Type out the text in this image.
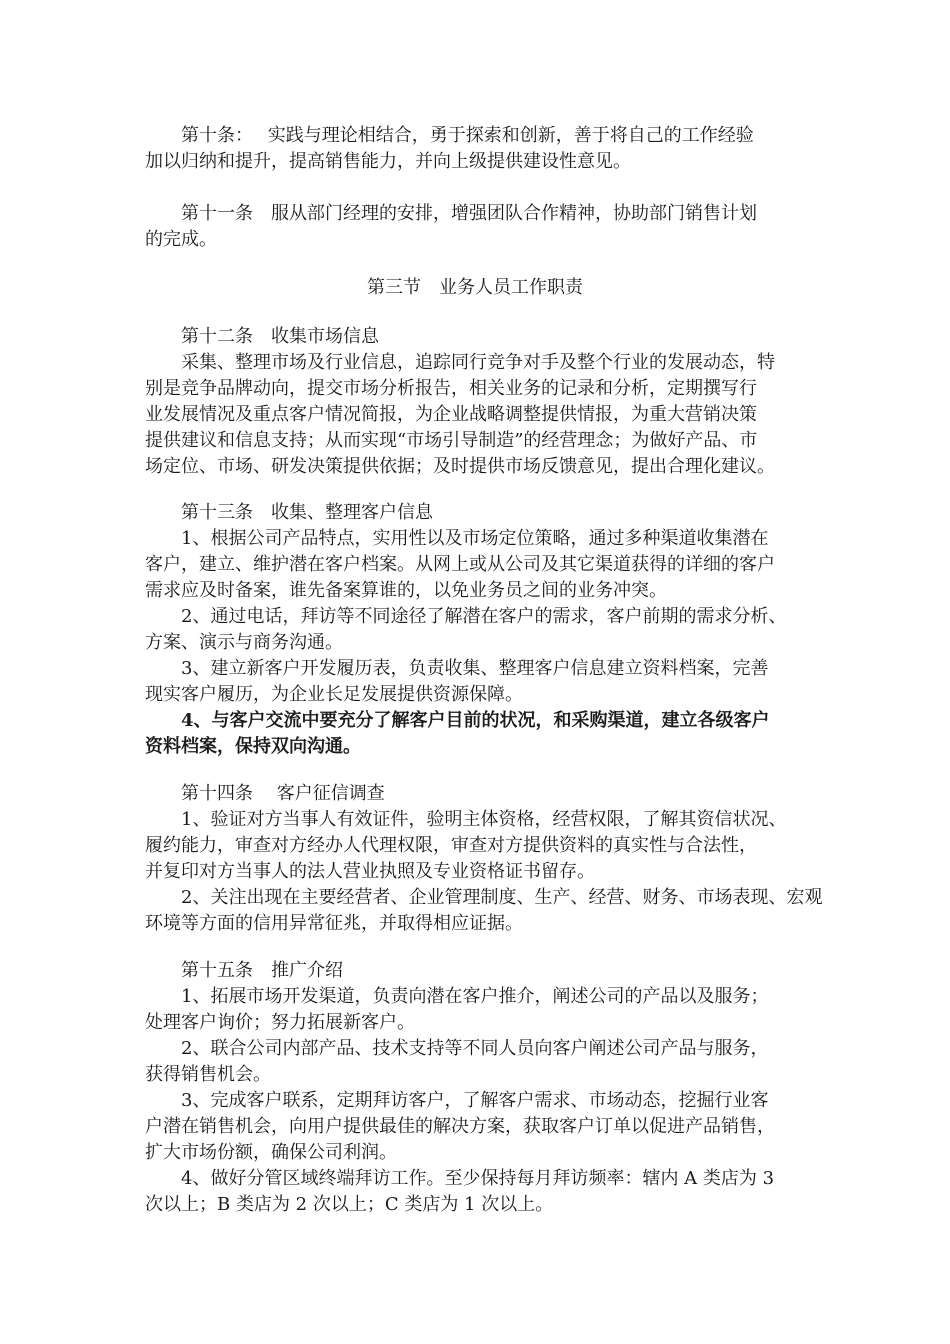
第十条：　 实践与理论相结合，勇于探索和创新，善于将自己的工作经验

加以归纳和提升，提高销售能力，并向上级提供建设性意见。

第十一条　服从部门经理的安排，增强团队合作精神，协助部门销售计划

的完成。

第三节　业务人员工作职责

第十二条　收集市场信息

采集、整理市场及行业信息，追踪同行竞争对手及整个行业的发展动态，特

别是竞争品牌动向，提交市场分析报告，相关业务的记录和分析，定期撰写行

业发展情况及重点客户情况简报，为企业战略调整提供情报，为重大营销决策

提供建议和信息支持；从而实现“市场引导制造”的经营理念；为做好产品、市

场定位、市场、研发决策提供依据；及时提供市场反馈意见，提出合理化建议。

第十三条　收集、整理客户信息

1、根据公司产品特点，实用性以及市场定位策略，通过多种渠道收集潜在

客户，建立、维护潜在客户档案。从网上或从公司及其它渠道获得的详细的客户

需求应及时备案，谁先备案算谁的，以免业务员之间的业务冲突。

2、通过电话，拜访等不同途径了解潜在客户的需求，客户前期的需求分析、

方案、演示与商务沟通。

3、建立新客户开发履历表，负责收集、整理客户信息建立资料档案，完善

现实客户履历，为企业长足发展提供资源保障。

4、与客户交流中要充分了解客户目前的状况，和采购渠道，建立各级客户

资料档案，保持双向沟通。

第十四条　 客户征信调查

1、验证对方当事人有效证件，验明主体资格，经营权限，了解其资信状况、

履约能力，审查对方经办人代理权限，审查对方提供资料的真实性与合法性，

并复印对方当事人的法人营业执照及专业资格证书留存。

2、关注出现在主要经营者、企业管理制度、生产、经营、财务、市场表现、宏观

环境等方面的信用异常征兆，并取得相应证据。

第十五条　推广介绍

1、拓展市场开发渠道，负责向潜在客户推介，阐述公司的产品以及服务；

处理客户询价；努力拓展新客户。

2、联合公司内部产品、技术支持等不同人员向客户阐述公司产品与服务，

获得销售机会。

3、完成客户联系，定期拜访客户，了解客户需求、市场动态，挖掘行业客

户潜在销售机会，向用户提供最佳的解决方案，获取客户订单以促进产品销售，

扩大市场份额，确保公司利润。

4、做好分管区域终端拜访工作。至少保持每月拜访频率：辖内 A 类店为 3

次以上；B 类店为 2 次以上；C 类店为 1 次以上。
